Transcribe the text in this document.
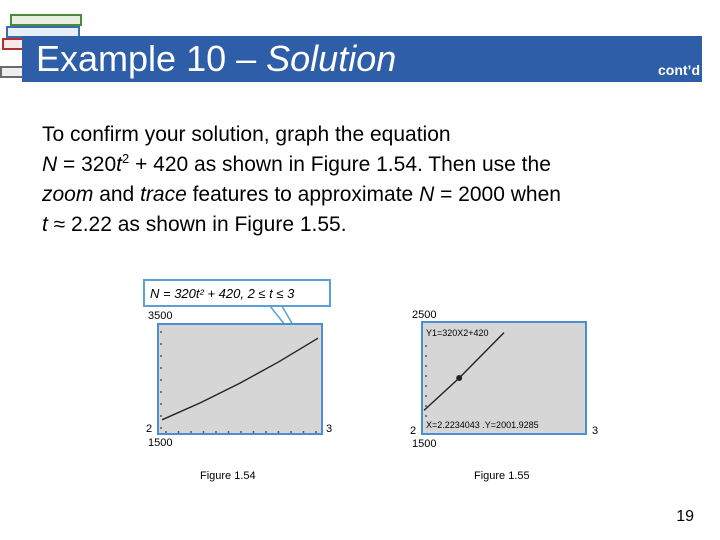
Example 10 – Solution	cont’d
To confirm your solution, graph the equation
$N = 320t^2 + 420$ as shown in Figure 1.54. Then use the
zoom and trace features to approximate N = 2000 when
t ≈ 2.22 as shown in Figure 1.55.
N = 320t² + 420, 2 ≤ t ≤ 3
3500
2	3
1500
Figure 1.54
2500
Y1=320X2+420
X=2.2234043 .Y=2001.9285
2	3
1500
Figure 1.55
19
